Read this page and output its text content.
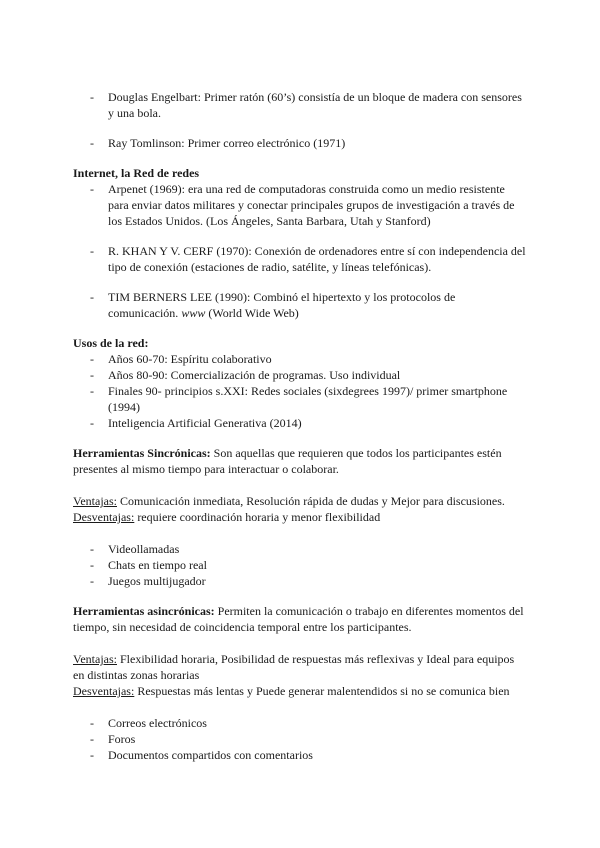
- Douglas Engelbart: Primer ratón (60’s) consistía de un bloque de madera con sensores y una bola.
- Ray Tomlinson: Primer correo electrónico (1971)

Internet, la Red de redes

- Arpenet (1969): era una red de computadoras construida como un medio resistente para enviar datos militares y conectar principales grupos de investigación a través de los Estados Unidos. (Los Ángeles, Santa Barbara, Utah y Stanford)
- R. KHAN Y V. CERF (1970): Conexión de ordenadores entre sí con independencia del tipo de conexión (estaciones de radio, satélite, y líneas telefónicas).
- TIM BERNERS LEE (1990): Combinó el hipertexto y los protocolos de comunicación. www (World Wide Web)

Usos de la red:

- Años 60-70: Espíritu colaborativo
- Años 80-90: Comercialización de programas. Uso individual
- Finales 90- principios s.XXI: Redes sociales (sixdegrees 1997)/ primer smartphone (1994)
- Inteligencia Artificial Generativa (2014)

Herramientas Sincrónicas: Son aquellas que requieren que todos los participantes estén presentes al mismo tiempo para interactuar o colaborar.

Ventajas: Comunicación inmediata, Resolución rápida de dudas y Mejor para discusiones.

Desventajas: requiere coordinación horaria y menor flexibilidad

- Videollamadas
- Chats en tiempo real
- Juegos multijugador

Herramientas asincrónicas: Permiten la comunicación o trabajo en diferentes momentos del tiempo, sin necesidad de coincidencia temporal entre los participantes.

Ventajas: Flexibilidad horaria, Posibilidad de respuestas más reflexivas y Ideal para equipos en distintas zonas horarias

Desventajas: Respuestas más lentas y Puede generar malentendidos si no se comunica bien

- Correos electrónicos
- Foros
- Documentos compartidos con comentarios
